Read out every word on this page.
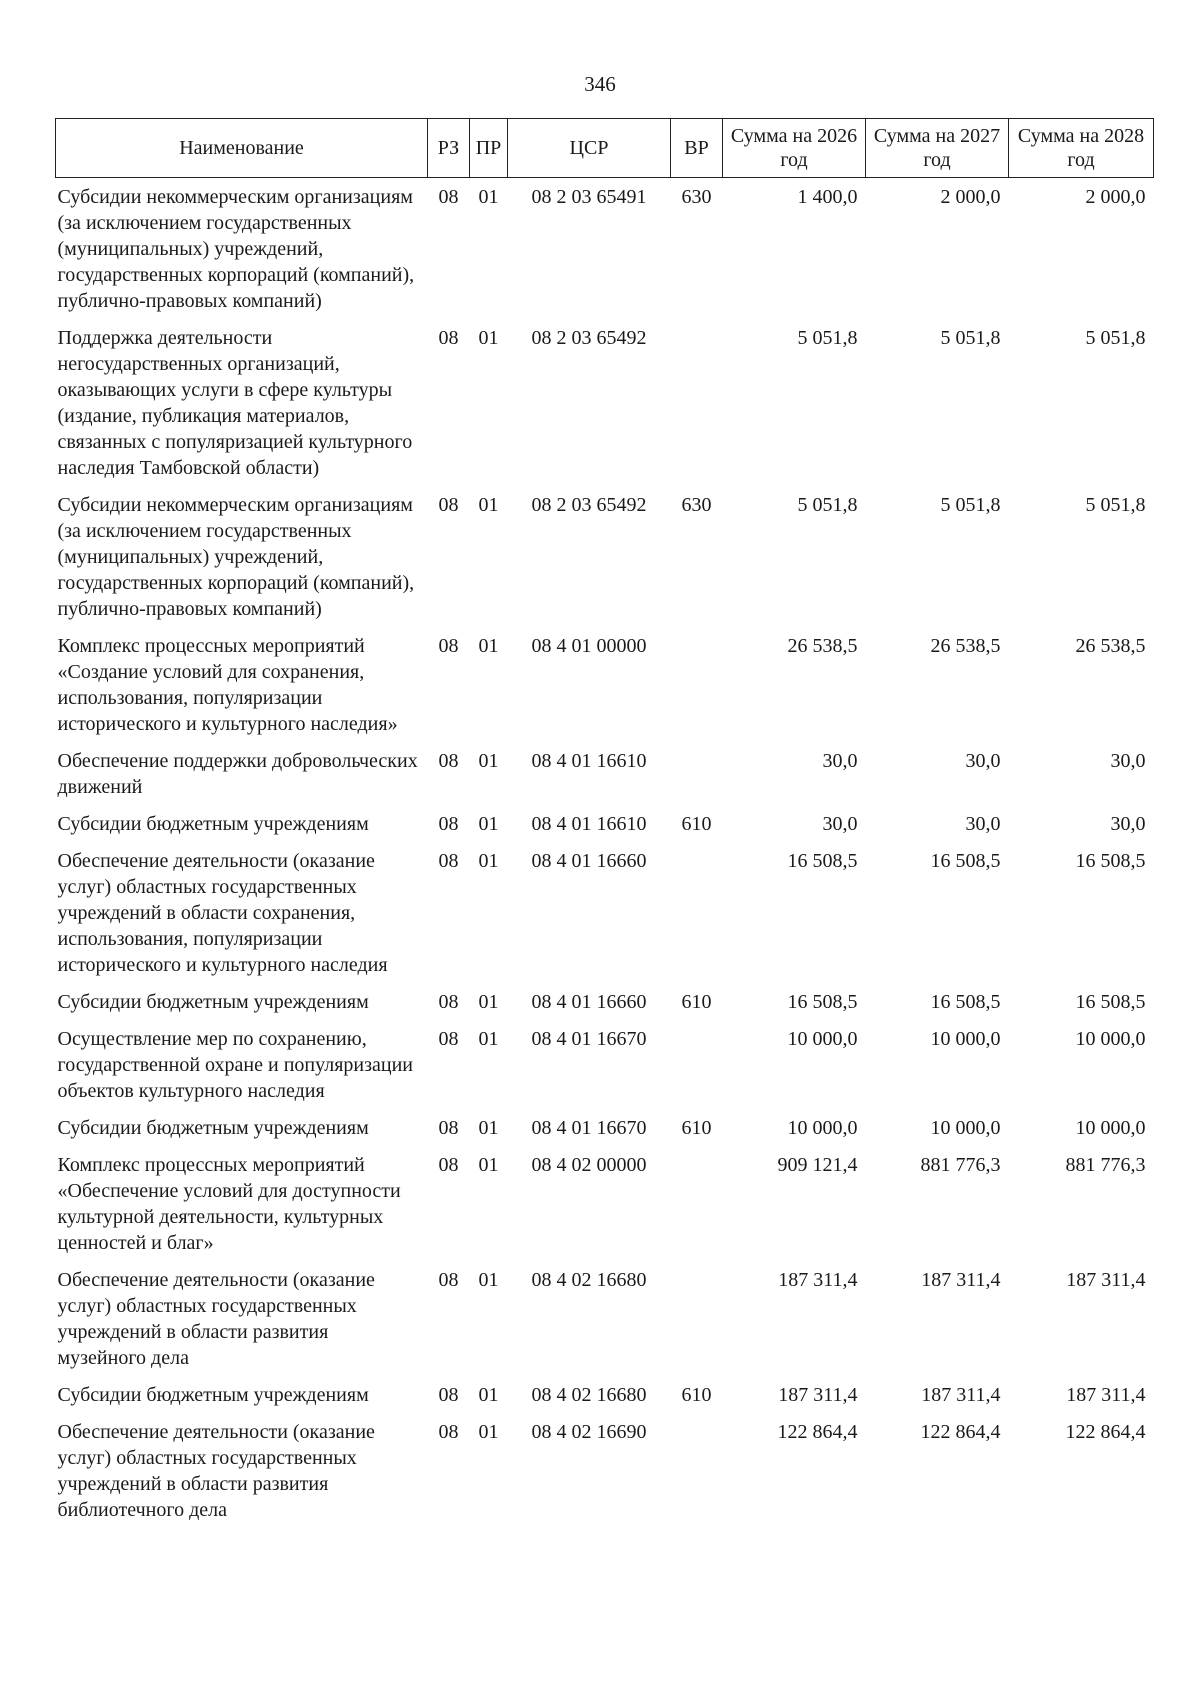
346
Наименование	РЗ	ПР	ЦСР	ВР	Сумма на 2026 год	Сумма на 2027 год	Сумма на 2028 год
Субсидии некоммерческим организациям (за исключением государственных (муниципальных) учреждений, государственных корпораций (компаний), публично-правовых компаний)	08	01	08 2 03 65491	630	1 400,0	2 000,0	2 000,0
Поддержка деятельности негосударственных организаций, оказывающих услуги в сфере культуры (издание, публикация материалов, связанных с популяризацией культурного наследия Тамбовской области)	08	01	08 2 03 65492		5 051,8	5 051,8	5 051,8
Субсидии некоммерческим организациям (за исключением государственных (муниципальных) учреждений, государственных корпораций (компаний), публично-правовых компаний)	08	01	08 2 03 65492	630	5 051,8	5 051,8	5 051,8
Комплекс процессных мероприятий «Создание условий для сохранения, использования, популяризации исторического и культурного наследия»	08	01	08 4 01 00000		26 538,5	26 538,5	26 538,5
Обеспечение поддержки добровольческих движений	08	01	08 4 01 16610		30,0	30,0	30,0
Субсидии бюджетным учреждениям	08	01	08 4 01 16610	610	30,0	30,0	30,0
Обеспечение деятельности (оказание услуг) областных государственных учреждений в области сохранения, использования, популяризации исторического и культурного наследия	08	01	08 4 01 16660		16 508,5	16 508,5	16 508,5
Субсидии бюджетным учреждениям	08	01	08 4 01 16660	610	16 508,5	16 508,5	16 508,5
Осуществление мер по сохранению, государственной охране и популяризации объектов культурного наследия	08	01	08 4 01 16670		10 000,0	10 000,0	10 000,0
Субсидии бюджетным учреждениям	08	01	08 4 01 16670	610	10 000,0	10 000,0	10 000,0
Комплекс процессных мероприятий «Обеспечение условий для доступности культурной деятельности, культурных ценностей и благ»	08	01	08 4 02 00000		909 121,4	881 776,3	881 776,3
Обеспечение деятельности (оказание услуг) областных государственных учреждений в области развития музейного дела	08	01	08 4 02 16680		187 311,4	187 311,4	187 311,4
Субсидии бюджетным учреждениям	08	01	08 4 02 16680	610	187 311,4	187 311,4	187 311,4
Обеспечение деятельности (оказание услуг) областных государственных учреждений в области развития библиотечного дела	08	01	08 4 02 16690		122 864,4	122 864,4	122 864,4
